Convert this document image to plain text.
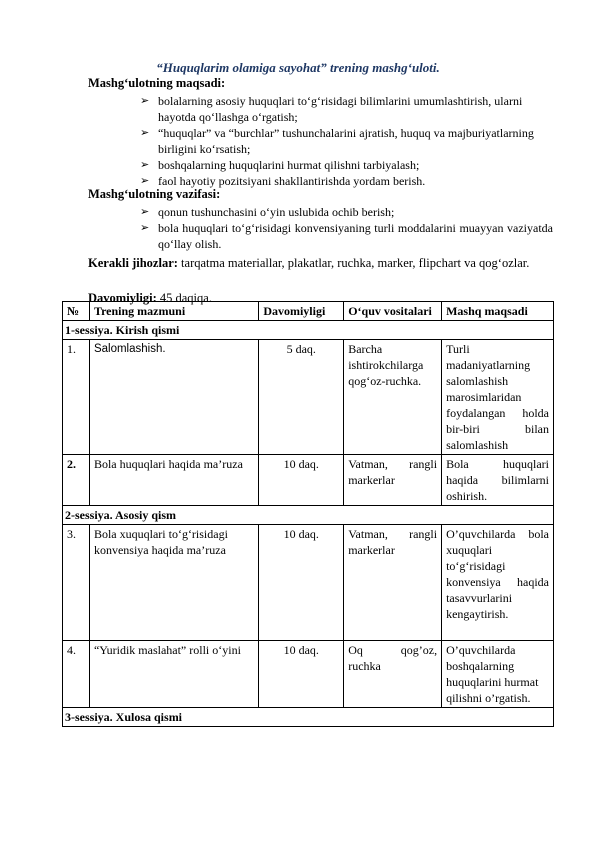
“Huquqlarim olamiga sayohat” trening mashg‘uloti.
Mashg‘ulotning maqsadi:
➢ bolalarning asosiy huquqlari to‘g‘risidagi bilimlarini umumlashtirish, ularni hayotda qo‘llashga o‘rgatish;
➢ “huquqlar” va “burchlar” tushunchalarini ajratish, huquq va majburiyatlarning birligini ko‘rsatish;
➢ boshqalarning huquqlarini hurmat qilishni tarbiyalash;
➢ faol hayotiy pozitsiyani shakllantirishda yordam berish.
Mashg‘ulotning vazifasi:
➢ qonun tushunchasini o‘yin uslubida ochib berish;
➢ bola huquqlari to‘g‘risidagi konvensiyaning turli moddalarini muayyan vaziyatda qo‘llay olish.
Kerakli jihozlar: tarqatma materiallar, plakatlar, ruchka, marker, flipchart va qog‘ozlar.
Davomiyligi: 45 daqiqa.
№	Trening mazmuni	Davomiyligi	O‘quv vositalari	Mashq maqsadi
1-sessiya. Kirish qismi				
1.	Salomlashish.	5 daq.	Barcha ishtirokchilarga qog‘oz-ruchka.	Turli madaniyatlarning salomlashish marosimlaridan foydalangan holda bir-biri bilan salomlashish
2.	Bola huquqlari haqida ma’ruza	10 daq.	Vatman, rangli markerlar	Bola huquqlari haqida bilimlarni oshirish.
2-sessiya. Asosiy qism				
3.	Bola xuquqlari to‘g‘risidagi konvensiya haqida ma’ruza	10 daq.	Vatman, rangli markerlar	O’quvchilarda bola xuquqlari to‘g‘risidagi konvensiya haqida tasavvurlarini kengaytirish.
4.	“Yuridik maslahat” rolli o‘yini	10 daq.	Oq qog’oz, ruchka	O’quvchilarda boshqalarning huquqlarini hurmat qilishni o’rgatish.
3-sessiya. Xulosa qismi				
